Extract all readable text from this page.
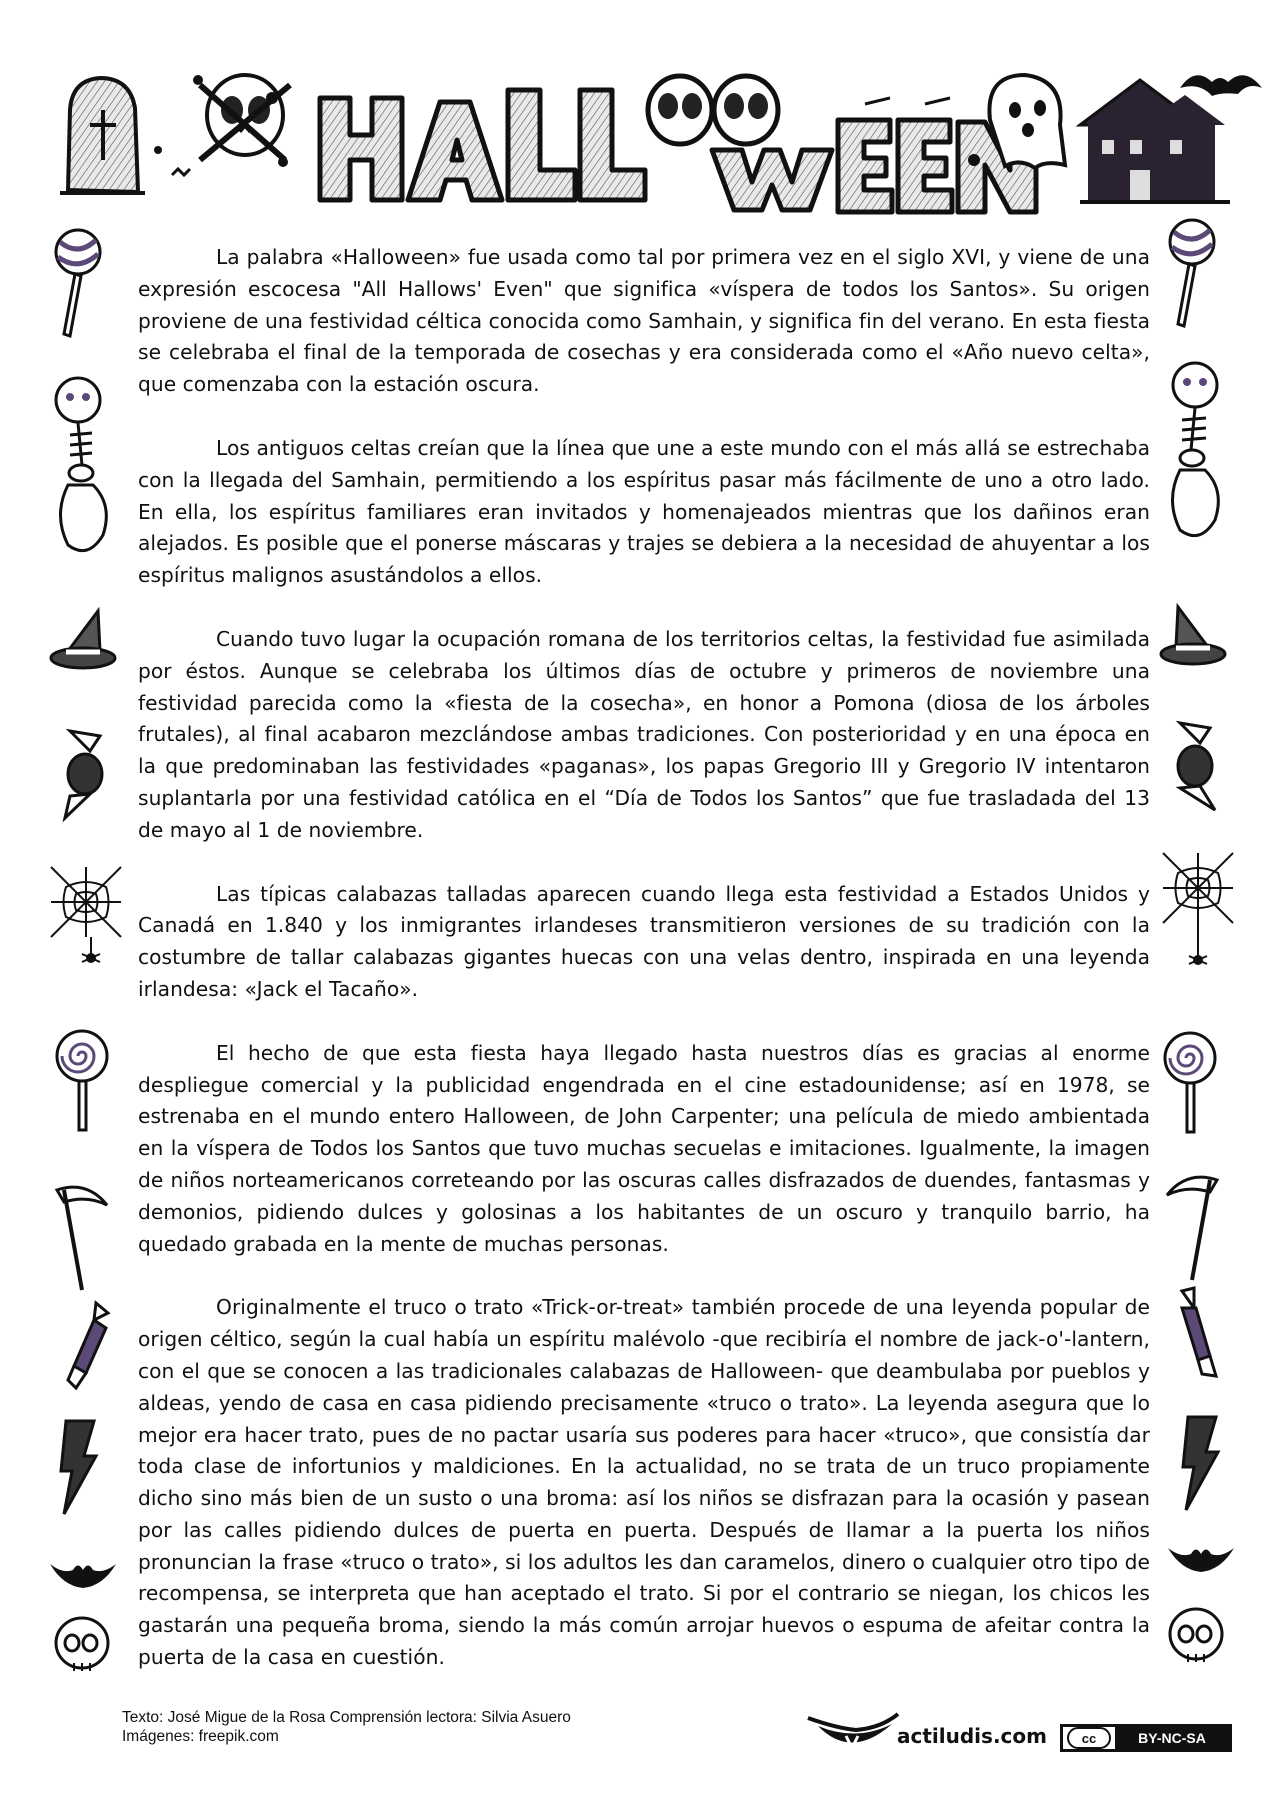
La palabra «Halloween» fue usada como tal por primera vez en el siglo XVI, y viene de una expresión escocesa "All Hallows' Even" que significa «víspera de todos los Santos». Su origen proviene de una festividad céltica conocida como Samhain, y significa fin del verano. En esta fiesta se celebraba el final de la temporada de cosechas y era considerada como el «Año nuevo celta», que comenzaba con la estación oscura.

Los antiguos celtas creían que la línea que une a este mundo con el más allá se estrechaba con la llegada del Samhain, permitiendo a los espíritus pasar más fácilmente de uno a otro lado. En ella, los espíritus familiares eran invitados y homenajeados mientras que los dañinos eran alejados. Es posible que el ponerse máscaras y trajes se debiera a la necesidad de ahuyentar a los espíritus malignos asustándolos a ellos.

Cuando tuvo lugar la ocupación romana de los territorios celtas, la festividad fue asimilada por éstos. Aunque se celebraba los últimos días de octubre y primeros de noviembre una festividad parecida como la «fiesta de la cosecha», en honor a Pomona (diosa de los árboles frutales), al final acabaron mezclándose ambas tradiciones. Con posterioridad y en una época en la que predominaban las festividades «paganas», los papas Gregorio III y Gregorio IV intentaron suplantarla por una festividad católica en el “Día de Todos los Santos” que fue trasladada del 13 de mayo al 1 de noviembre.

Las típicas calabazas talladas aparecen cuando llega esta festividad a Estados Unidos y Canadá en 1.840 y los inmigrantes irlandeses transmitieron versiones de su tradición con la costumbre de tallar calabazas gigantes huecas con una velas dentro, inspirada en una leyenda irlandesa: «Jack el Tacaño».

El hecho de que esta fiesta haya llegado hasta nuestros días es gracias al enorme despliegue comercial y la publicidad engendrada en el cine estadounidense; así en 1978, se estrenaba en el mundo entero Halloween, de John Carpenter; una película de miedo ambientada en la víspera de Todos los Santos que tuvo muchas secuelas e imitaciones. Igualmente, la imagen de niños norteamericanos correteando por las oscuras calles disfrazados de duendes, fantasmas y demonios, pidiendo dulces y golosinas a los habitantes de un oscuro y tranquilo barrio, ha quedado grabada en la mente de muchas personas.

Originalmente el truco o trato «Trick-or-treat» también procede de una leyenda popular de origen céltico, según la cual había un espíritu malévolo -que recibiría el nombre de jack-o'-lantern, con el que se conocen a las tradicionales calabazas de Halloween- que deambulaba por pueblos y aldeas, yendo de casa en casa pidiendo precisamente «truco o trato». La leyenda asegura que lo mejor era hacer trato, pues de no pactar usaría sus poderes para hacer «truco», que consistía dar toda clase de infortunios y maldiciones. En la actualidad, no se trata de un truco propiamente dicho sino más bien de un susto o una broma: así los niños se disfrazan para la ocasión y pasean por las calles pidiendo dulces de puerta en puerta. Después de llamar a la puerta los niños pronuncian la frase «truco o trato», si los adultos les dan caramelos, dinero o cualquier otro tipo de recompensa, se interpreta que han aceptado el trato. Si por el contrario se niegan, los chicos les gastarán una pequeña broma, siendo la más común arrojar huevos o espuma de afeitar contra la puerta de la casa en cuestión.

Texto: José Migue de la Rosa Comprensión lectora: Silvia Asuero
Imágenes: freepik.com	actiludis.com	cc	BY-NC-SA
